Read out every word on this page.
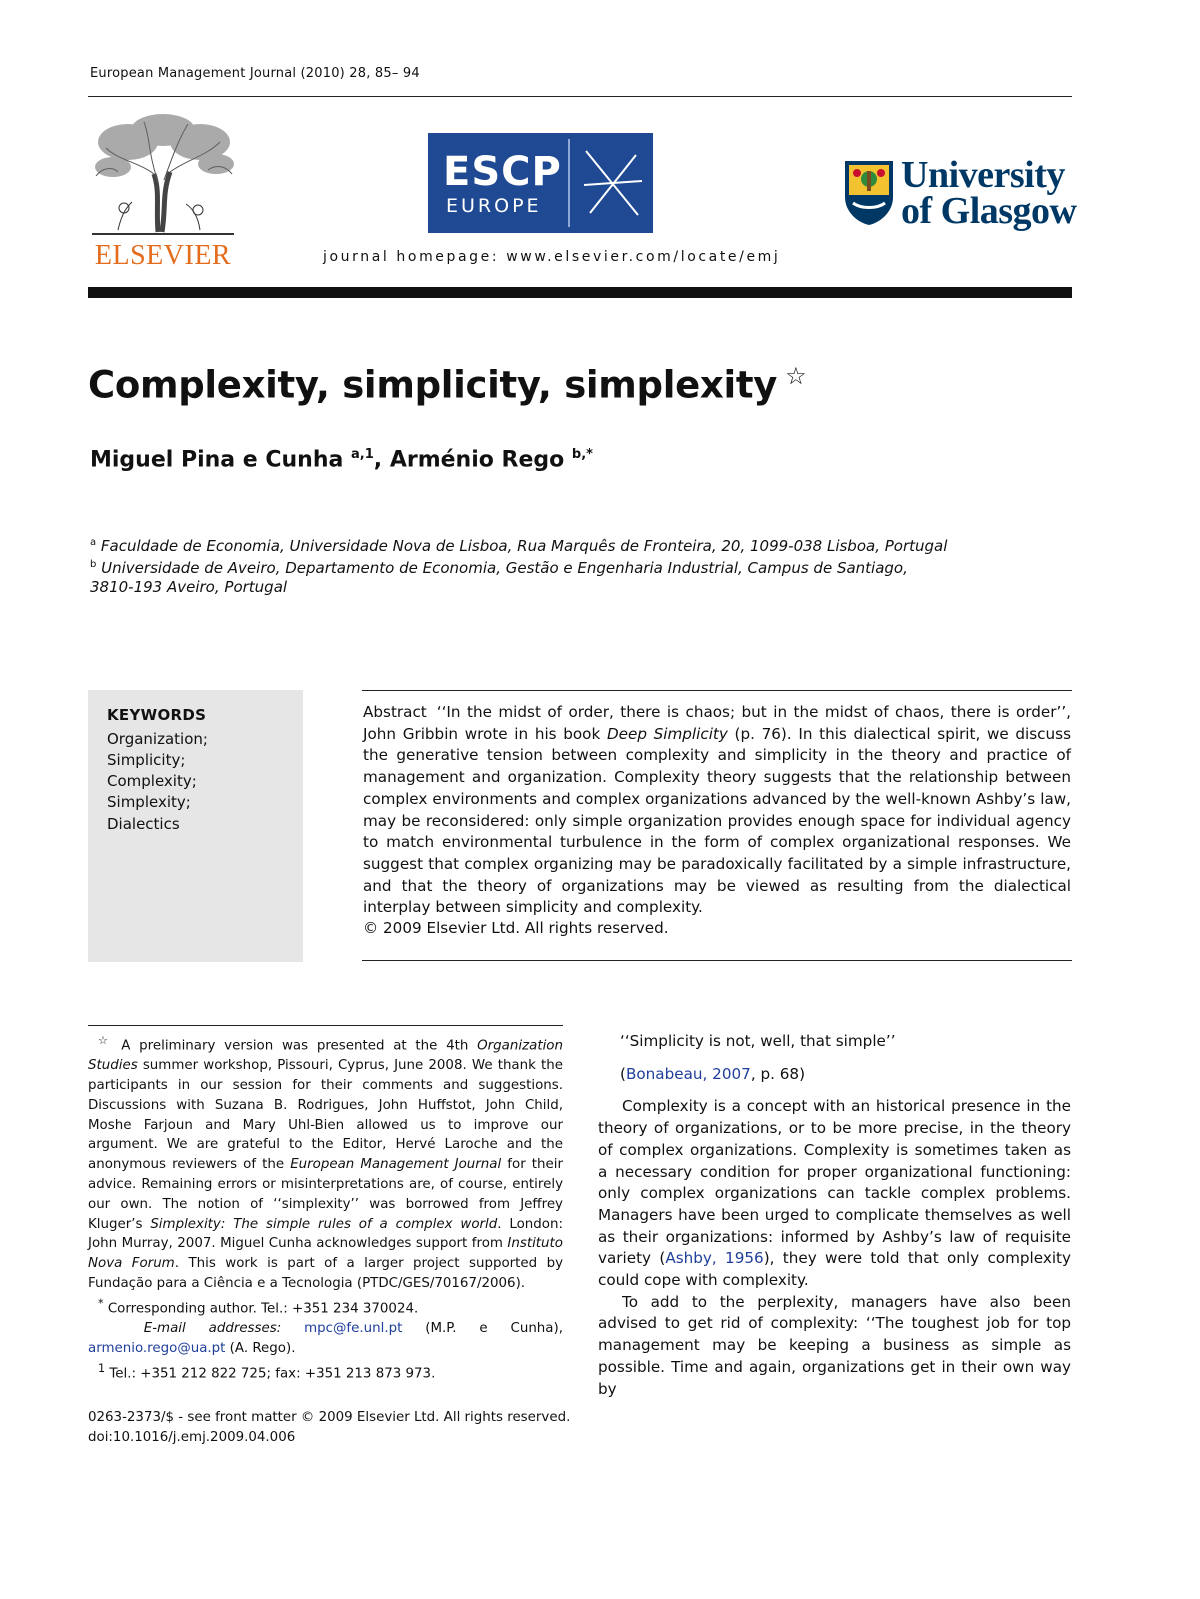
European Management Journal (2010) 28, 85– 94
ELSEVIER
ESCP
EUROPE
University
of Glasgow
journal homepage: www.elsevier.com/locate/emj
Complexity, simplicity, simplexity ☆
Miguel Pina e Cunha $^{a,1}$, Arménio Rego $^{b,*}$
$^a$ Faculdade de Economia, Universidade Nova de Lisboa, Rua Marquês de Fronteira, 20, 1099-038 Lisboa, Portugal
$^b$ Universidade de Aveiro, Departamento de Economia, Gestão e Engenharia Industrial, Campus de Santiago,
3810-193 Aveiro, Portugal
KEYWORDS
Organization;
Simplicity;
Complexity;
Simplexity;
Dialectics
Abstract ‘‘In the midst of order, there is chaos; but in the midst of chaos, there is order’’, John Gribbin wrote in his book Deep Simplicity (p. 76). In this dialectical spirit, we discuss the generative tension between complexity and simplicity in the theory and practice of management and organization. Complexity theory suggests that the relationship between complex environments and complex organizations advanced by the well-known Ashby’s law, may be reconsidered: only simple organization provides enough space for individual agency to match environmental turbulence in the form of complex organizational responses. We suggest that complex organizing may be paradoxically facilitated by a simple infrastructure, and that the theory of organizations may be viewed as resulting from the dialectical interplay between simplicity and complexity.
© 2009 Elsevier Ltd. All rights reserved.

☆ A preliminary version was presented at the 4th Organization Studies summer workshop, Pissouri, Cyprus, June 2008. We thank the participants in our session for their comments and suggestions. Discussions with Suzana B. Rodrigues, John Huffstot, John Child, Moshe Farjoun and Mary Uhl-Bien allowed us to improve our argument. We are grateful to the Editor, Hervé Laroche and the anonymous reviewers of the European Management Journal for their advice. Remaining errors or misinterpretations are, of course, entirely our own. The notion of ‘‘simplexity’’ was borrowed from Jeffrey Kluger’s Simplexity: The simple rules of a complex world. London: John Murray, 2007. Miguel Cunha acknowledges support from Instituto Nova Forum. This work is part of a larger project supported by Fundação para a Ciência e a Tecnologia (PTDC/GES/70167/2006).

* Corresponding author. Tel.: +351 234 370024.

E-mail addresses: mpc@fe.unl.pt (M.P. e Cunha), armenio.rego@ua.pt (A. Rego).

$^1$ Tel.: +351 212 822 725; fax: +351 213 873 973.

0263-2373/$ - see front matter © 2009 Elsevier Ltd. All rights reserved.
doi:10.1016/j.emj.2009.04.006

‘‘Simplicity is not, well, that simple’’

(Bonabeau, 2007, p. 68)

Complexity is a concept with an historical presence in the theory of organizations, or to be more precise, in the theory of complex organizations. Complexity is sometimes taken as a necessary condition for proper organizational functioning: only complex organizations can tackle complex problems. Managers have been urged to complicate themselves as well as their organizations: informed by Ashby’s law of requisite variety (Ashby, 1956), they were told that only complexity could cope with complexity.

To add to the perplexity, managers have also been advised to get rid of complexity: ‘‘The toughest job for top management may be keeping a business as simple as possible. Time and again, organizations get in their own way by
